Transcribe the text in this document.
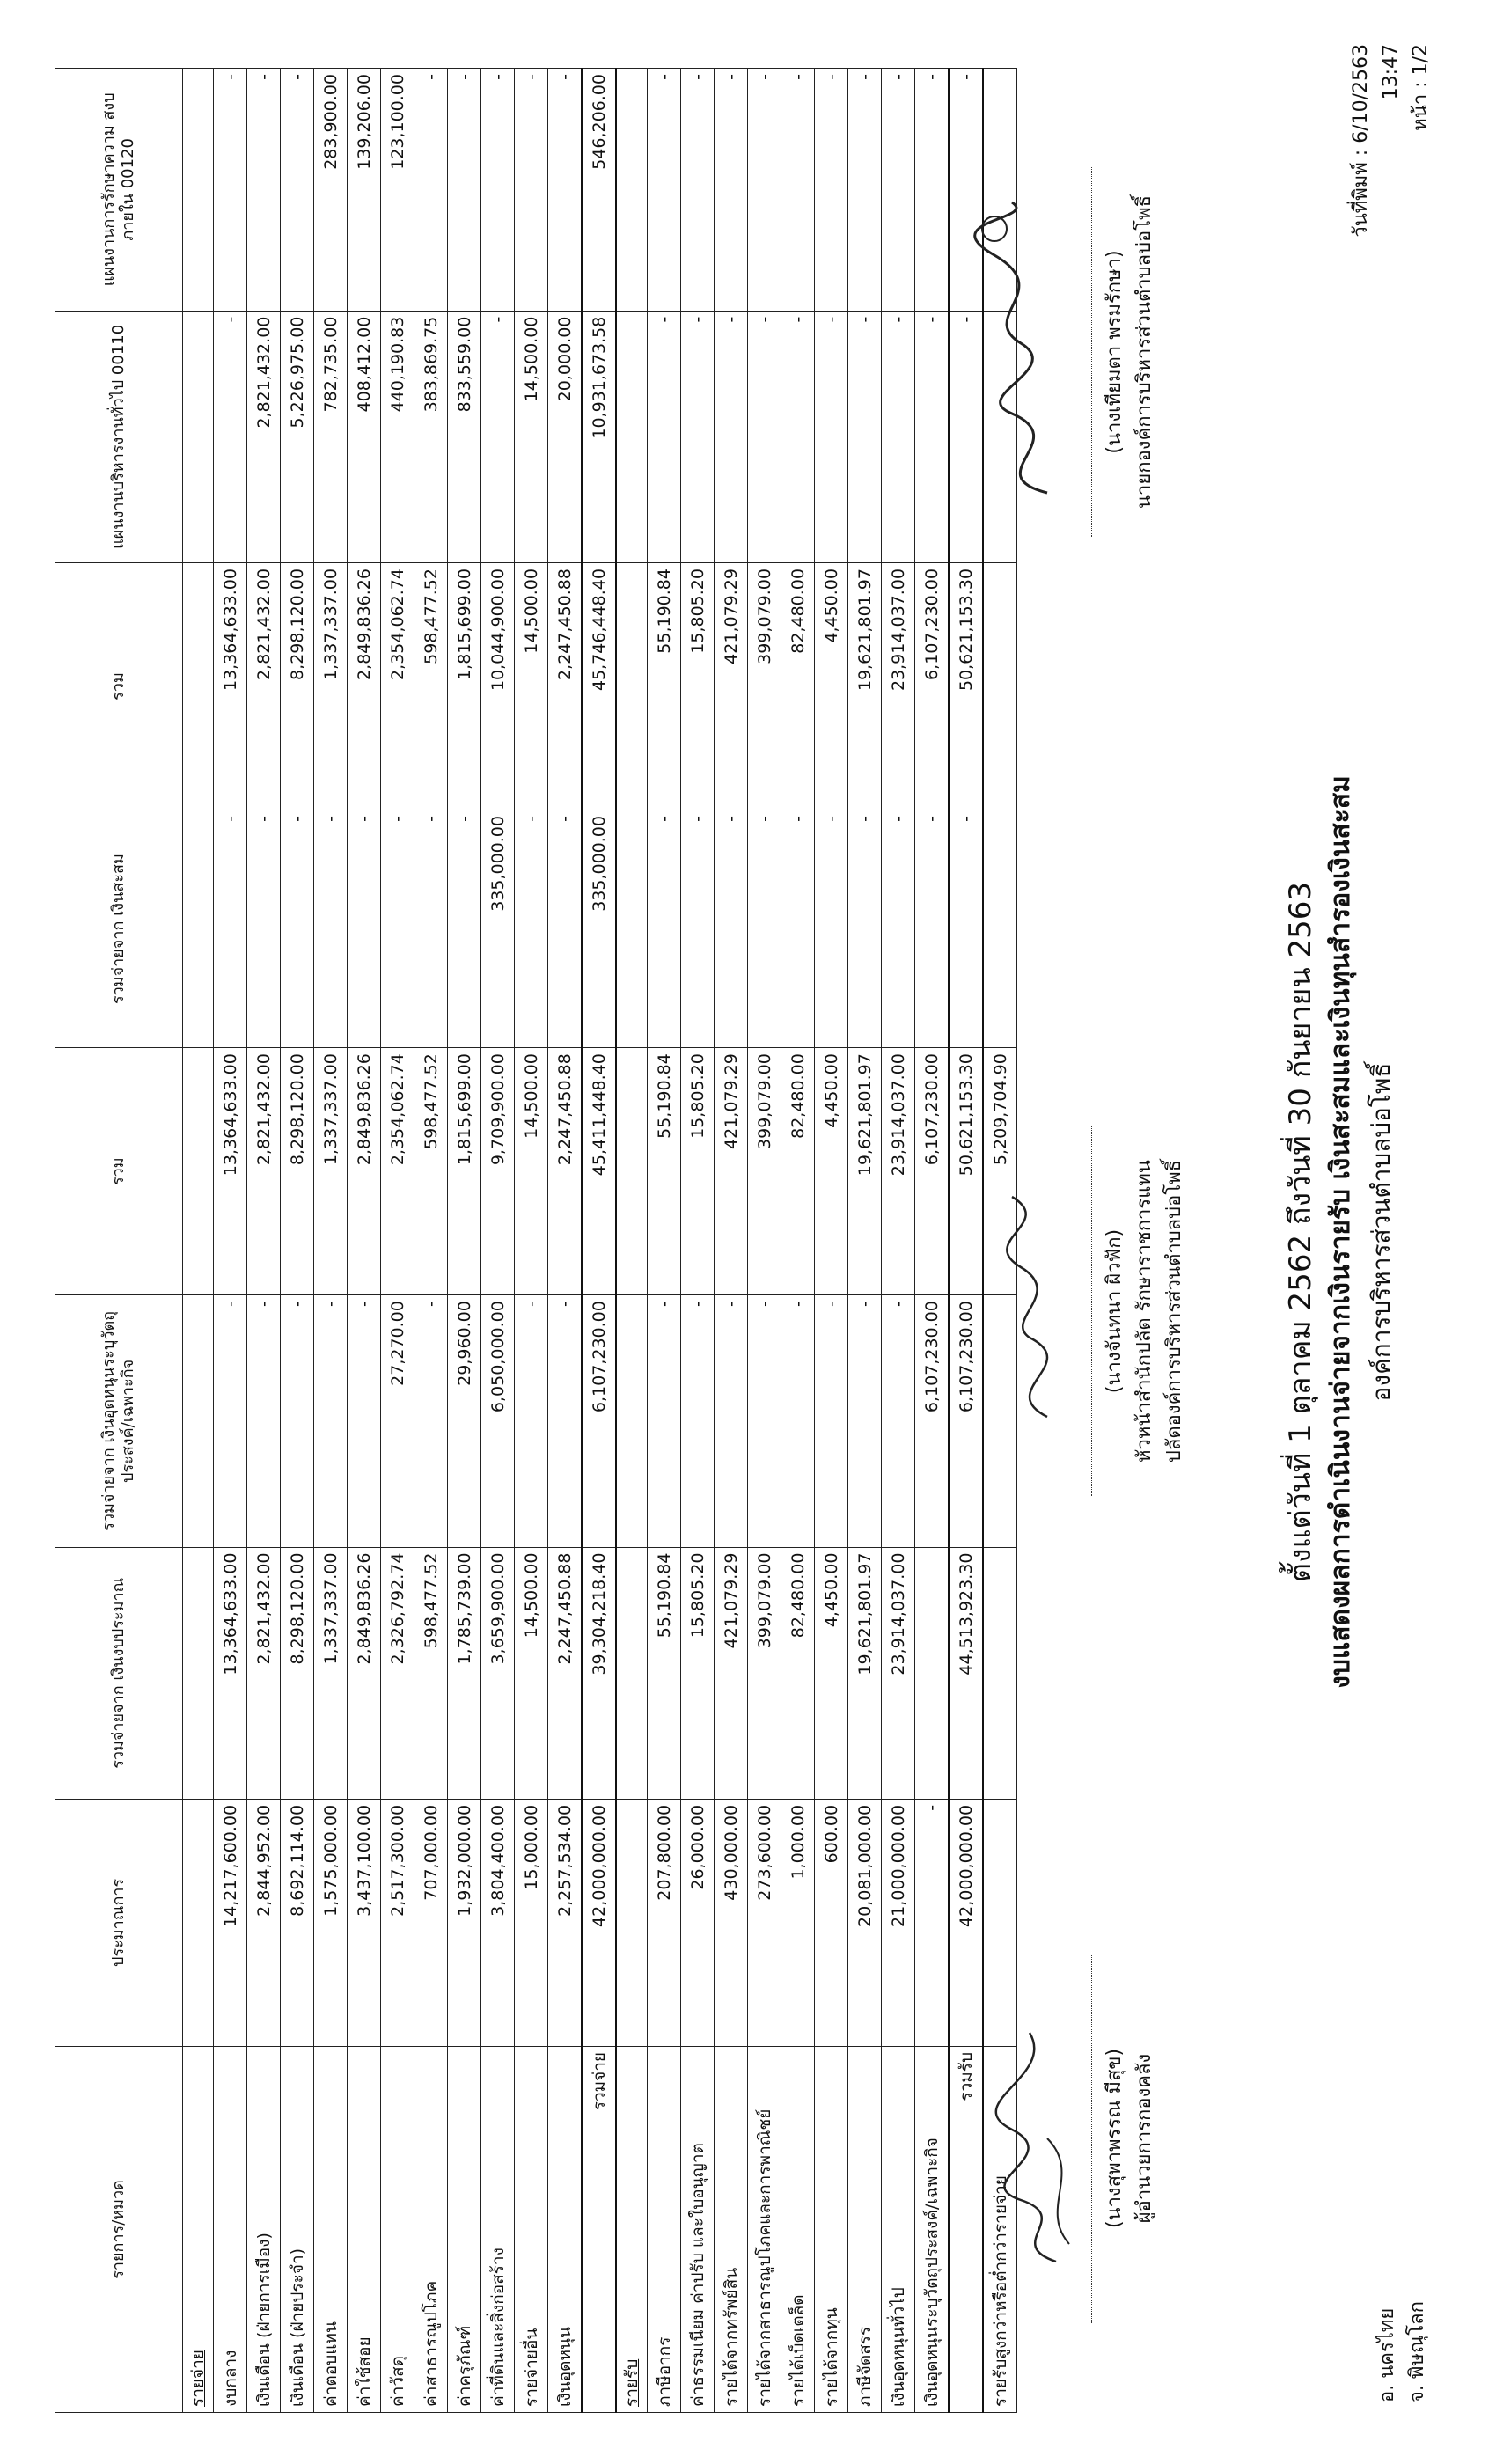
อ. นครไทย จ. พิษณุโลก
วันที่พิมพ์ : 6/10/2563 13:47 หน้า : 1/2
องค์การบริหารส่วนตำบลบ่อโพธิ์
งบแสดงผลการดำเนินงานจ่ายจากเงินรายรับ เงินสะสมและเงินทุนสำรองเงินสะสม
ตั้งแต่วันที่ 1 ตุลาคม 2562 ถึงวันที่ 30 กันยายน 2563
รายการ/หมวด	ประมาณการ	รวมจ่ายจาก เงินงบประมาณ	รวมจ่ายจาก เงินอุดหนุนระบุวัตถุ ประสงค์/เฉพาะกิจ	รวม	รวมจ่ายจาก เงินสะสม	รวม	แผนงานบริหารงานทั่วไป 00110	แผนงานการรักษาความ สงบภายใน 00120
รายจ่าย								
งบกลาง	14,217,600.00	13,364,633.00	-	13,364,633.00	-	13,364,633.00	-	-
เงินเดือน (ฝ่ายการเมือง)	2,844,952.00	2,821,432.00	-	2,821,432.00	-	2,821,432.00	2,821,432.00	-
เงินเดือน (ฝ่ายประจำ)	8,692,114.00	8,298,120.00	-	8,298,120.00	-	8,298,120.00	5,226,975.00	-
ค่าตอบแทน	1,575,000.00	1,337,337.00	-	1,337,337.00	-	1,337,337.00	782,735.00	283,900.00
ค่าใช้สอย	3,437,100.00	2,849,836.26	-	2,849,836.26	-	2,849,836.26	408,412.00	139,206.00
ค่าวัสดุ	2,517,300.00	2,326,792.74	27,270.00	2,354,062.74	-	2,354,062.74	440,190.83	123,100.00
ค่าสาธารณูปโภค	707,000.00	598,477.52	-	598,477.52	-	598,477.52	383,869.75	-
ค่าครุภัณฑ์	1,932,000.00	1,785,739.00	29,960.00	1,815,699.00	-	1,815,699.00	833,559.00	-
ค่าที่ดินและสิ่งก่อสร้าง	3,804,400.00	3,659,900.00	6,050,000.00	9,709,900.00	335,000.00	10,044,900.00	-	-
รายจ่ายอื่น	15,000.00	14,500.00	-	14,500.00	-	14,500.00	14,500.00	-
เงินอุดหนุน	2,257,534.00	2,247,450.88	-	2,247,450.88	-	2,247,450.88	20,000.00	-
รวมจ่าย	42,000,000.00	39,304,218.40	6,107,230.00	45,411,448.40	335,000.00	45,746,448.40	10,931,673.58	546,206.00
รายรับ								
ภาษีอากร	207,800.00	55,190.84	-	55,190.84	-	55,190.84	-	-
ค่าธรรมเนียม ค่าปรับ และใบอนุญาต	26,000.00	15,805.20	-	15,805.20	-	15,805.20	-	-
รายได้จากทรัพย์สิน	430,000.00	421,079.29	-	421,079.29	-	421,079.29	-	-
รายได้จากสาธารณูปโภคและการพาณิชย์	273,600.00	399,079.00	-	399,079.00	-	399,079.00	-	-
รายได้เบ็ดเตล็ด	1,000.00	82,480.00	-	82,480.00	-	82,480.00	-	-
รายได้จากทุน	600.00	4,450.00	-	4,450.00	-	4,450.00	-	-
ภาษีจัดสรร	20,081,000.00	19,621,801.97	-	19,621,801.97	-	19,621,801.97	-	-
เงินอุดหนุนทั่วไป	21,000,000.00	23,914,037.00	-	23,914,037.00	-	23,914,037.00	-	-
เงินอุดหนุนระบุวัตถุประสงค์/เฉพาะกิจ	-		6,107,230.00	6,107,230.00	-	6,107,230.00	-	-
รวมรับ	42,000,000.00	44,513,923.30	6,107,230.00	50,621,153.30	-	50,621,153.30	-	-
รายรับสูงกว่าหรือต่ำกว่ารายจ่าย				5,209,704.90				
(นางสุพาพรรณ มีสุข) ผู้อำนวยการกองคลัง
(นางจันทนา ผิวฟัก) หัวหน้าสำนักปลัด รักษาราชการแทน ปลัดองค์การบริหารส่วนตำบลบ่อโพธิ์
(นางเทียมตา พรมรักษา) นายกองค์การบริหารส่วนตำบลบ่อโพธิ์
